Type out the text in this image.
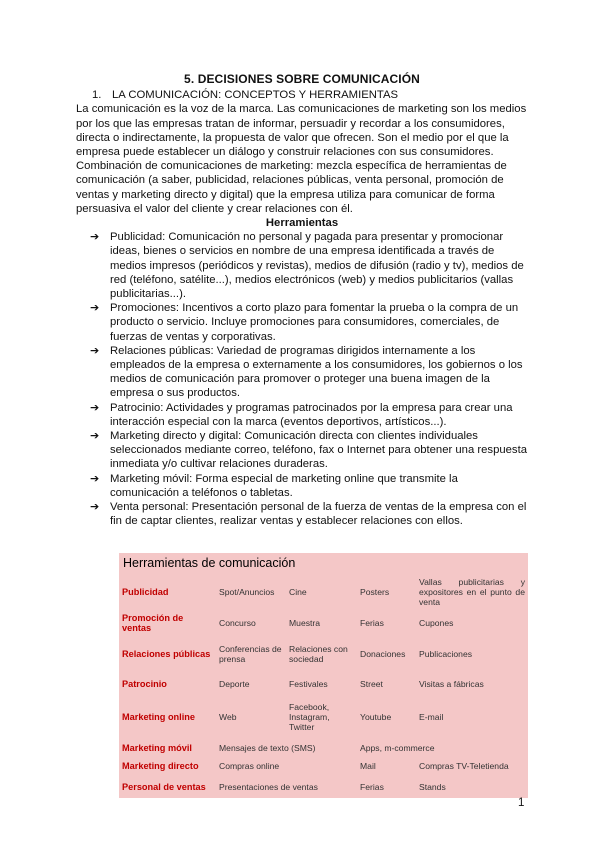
5. DECISIONES SOBRE COMUNICACIÓN

1. LA COMUNICACIÓN: CONCEPTOS Y HERRAMIENTAS

La comunicación es la voz de la marca. Las comunicaciones de marketing son los medios por los que las empresas tratan de informar, persuadir y recordar a los consumidores, directa o indirectamente, la propuesta de valor que ofrecen. Son el medio por el que la empresa puede establecer un diálogo y construir relaciones con sus consumidores.

Combinación de comunicaciones de marketing: mezcla específica de herramientas de comunicación (a saber, publicidad, relaciones públicas, venta personal, promoción de ventas y marketing directo y digital) que la empresa utiliza para comunicar de forma persuasiva el valor del cliente y crear relaciones con él.

Herramientas

➔ Publicidad: Comunicación no personal y pagada para presentar y promocionar ideas, bienes o servicios en nombre de una empresa identificada a través de medios impresos (periódicos y revistas), medios de difusión (radio y tv), medios de red (teléfono, satélite...), medios electrónicos (web) y medios publicitarios (vallas publicitarias...).
➔ Promociones: Incentivos a corto plazo para fomentar la prueba o la compra de un producto o servicio. Incluye promociones para consumidores, comerciales, de fuerzas de ventas y corporativas.
➔ Relaciones públicas: Variedad de programas dirigidos internamente a los empleados de la empresa o externamente a los consumidores, los gobiernos o los medios de comunicación para promover o proteger una buena imagen de la empresa o sus productos.
➔ Patrocinio: Actividades y programas patrocinados por la empresa para crear una interacción especial con la marca (eventos deportivos, artísticos...).
➔ Marketing directo y digital: Comunicación directa con clientes individuales seleccionados mediante correo, teléfono, fax o Internet para obtener una respuesta inmediata y/o cultivar relaciones duraderas.
➔ Marketing móvil: Forma especial de marketing online que transmite la comunicación a teléfonos o tabletas.
➔ Venta personal: Presentación personal de la fuerza de ventas de la empresa con el fin de captar clientes, realizar ventas y establecer relaciones con ellos.
Herramientas de comunicación
Publicidad	Spot/Anuncios	Cine	Posters	Vallas publicitarias y expositores en el punto de venta
Promoción de ventas	Concurso	Muestra	Ferias	Cupones
Relaciones públicas	Conferencias de prensa	Relaciones con sociedad	Donaciones	Publicaciones
Patrocinio	Deporte	Festivales	Street	Visitas a fábricas
Marketing online	Web	Facebook, Instagram, Twitter	Youtube	E-mail
Marketing móvil	Mensajes de texto (SMS)		Apps, m-commerce	
Marketing directo	Compras online		Mail	Compras TV-Teletienda
Personal de ventas	Presentaciones de ventas		Ferias	Stands
1
